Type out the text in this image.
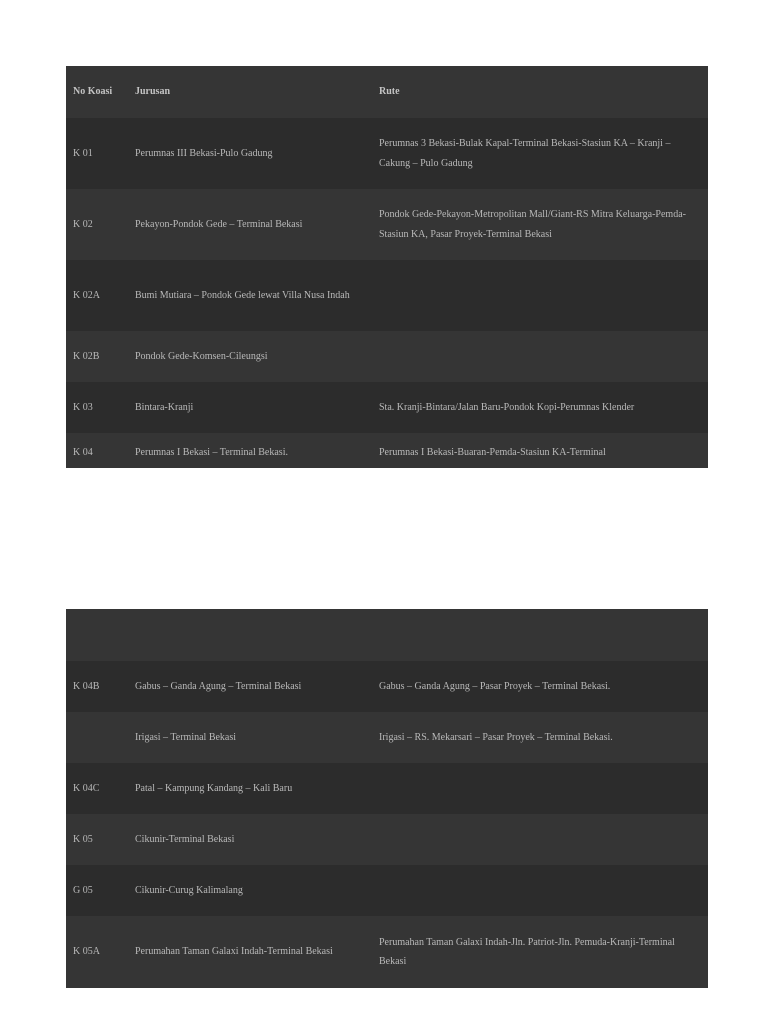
No Koasi	Jurusan	Rute
K 01	Perumnas III Bekasi-Pulo Gadung	Perumnas 3 Bekasi-Bulak Kapal-Terminal Bekasi-Stasiun KA – Kranji – Cakung – Pulo Gadung
K 02	Pekayon-Pondok Gede – Terminal Bekasi	Pondok Gede-Pekayon-Metropolitan Mall/Giant-RS Mitra Keluarga-Pemda-Stasiun KA, Pasar Proyek-Terminal Bekasi
K 02A	Bumi Mutiara – Pondok Gede lewat Villa Nusa Indah	
K 02B	Pondok Gede-Komsen-Cileungsi	
K 03	Bintara-Kranji	Sta. Kranji-Bintara/Jalan Baru-Pondok Kopi-Perumnas Klender
K 04	Perumnas I Bekasi – Terminal Bekasi.	Perumnas I Bekasi-Buaran-Pemda-Stasiun KA-Terminal

K 04B	Gabus – Ganda Agung – Terminal Bekasi	Gabus – Ganda Agung – Pasar Proyek – Terminal Bekasi.
	Irigasi – Terminal Bekasi	Irigasi – RS. Mekarsari – Pasar Proyek – Terminal Bekasi.
K 04C	Patal – Kampung Kandang – Kali Baru	
K 05	Cikunir-Terminal Bekasi	
G 05	Cikunir-Curug Kalimalang	
K 05A	Perumahan Taman Galaxi Indah-Terminal Bekasi	Perumahan Taman Galaxi Indah-Jln. Patriot-Jln. Pemuda-Kranji-Terminal Bekasi
